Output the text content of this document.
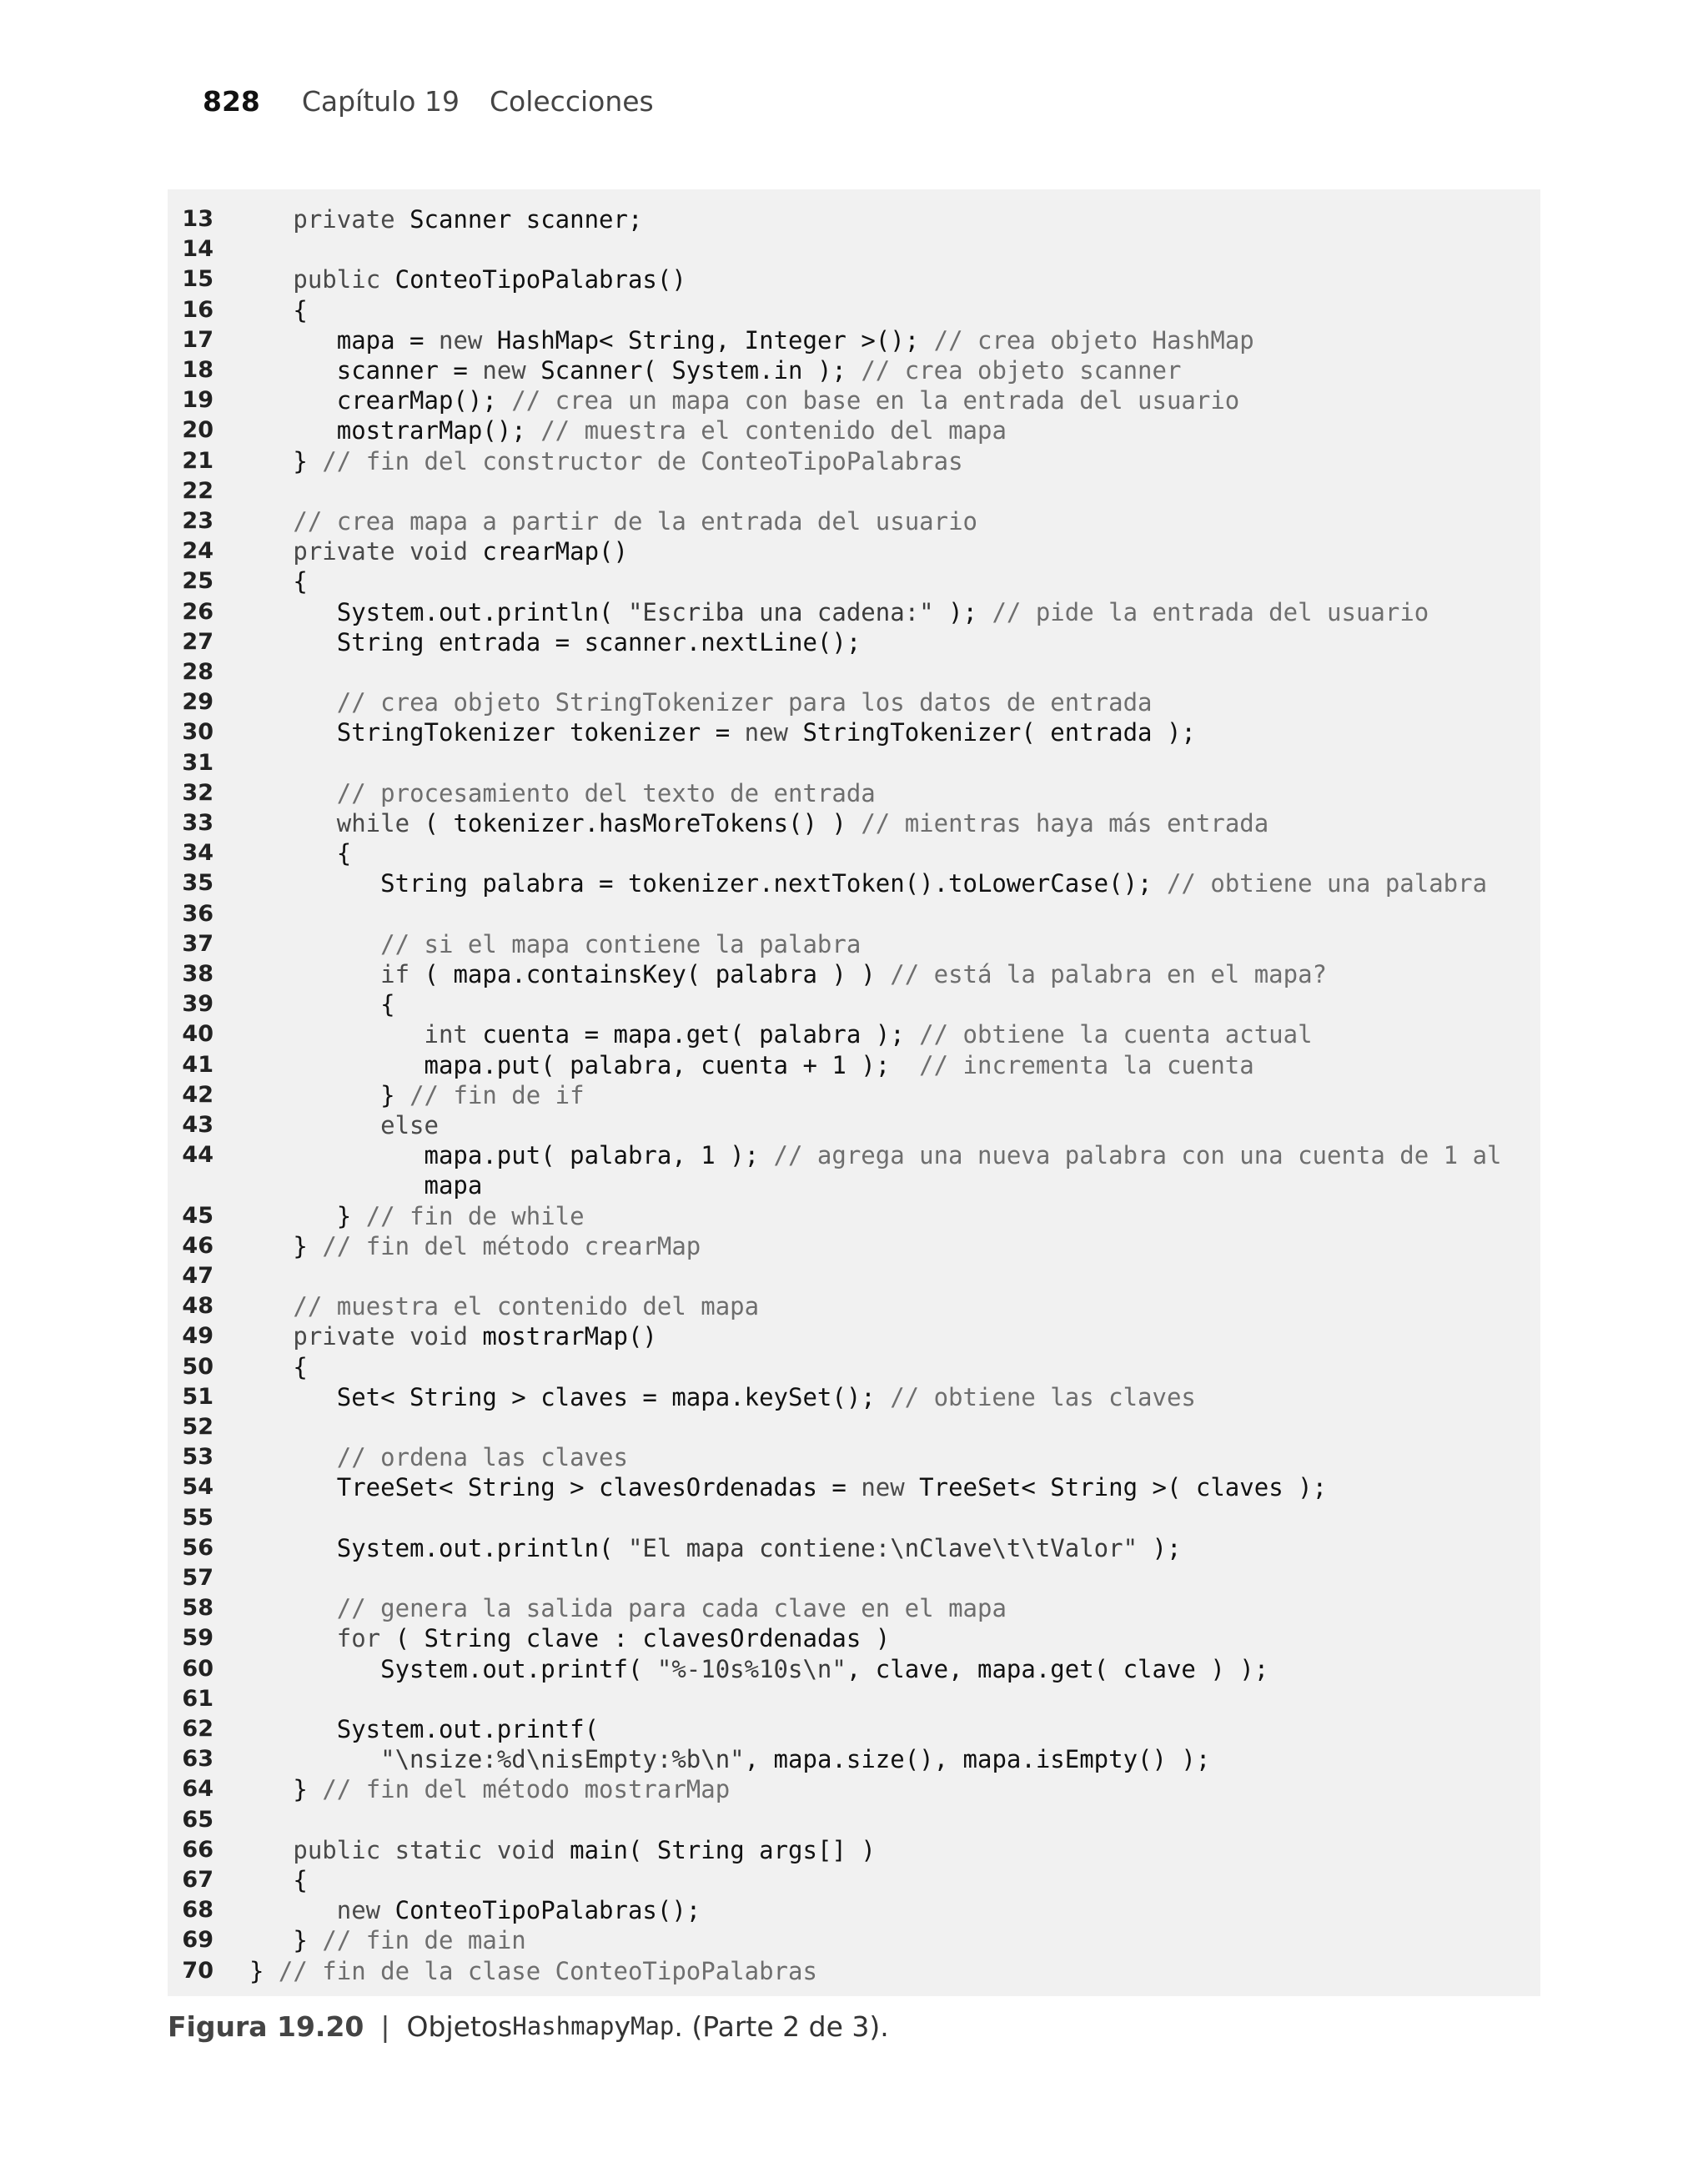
828 Capítulo 19 Colecciones
13	private Scanner scanner;
14
15	public ConteoTipoPalabras()
16 {
17 mapa = new HashMap< String, Integer >(); // crea objeto HashMap
18 scanner = new Scanner( System.in ); // crea objeto scanner
19 crearMap(); // crea un mapa con base en la entrada del usuario
20 mostrarMap(); // muestra el contenido del mapa
21 } // fin del constructor de ConteoTipoPalabras
22
23	// crea mapa a partir de la entrada del usuario
24	private void crearMap()
25 {
26 System.out.println( "Escriba una cadena:" ); // pide la entrada del usuario
27 String entrada = scanner.nextLine();
28
29	// crea objeto StringTokenizer para los datos de entrada
30 StringTokenizer tokenizer = new StringTokenizer( entrada );
31
32	// procesamiento del texto de entrada
33	while ( tokenizer.hasMoreTokens() ) // mientras haya más entrada
34 {
35 String palabra = tokenizer.nextToken().toLowerCase(); // obtiene una palabra
36
37	// si el mapa contiene la palabra
38	if ( mapa.containsKey( palabra ) ) // está la palabra en el mapa?
39 {
40	int cuenta = mapa.get( palabra ); // obtiene la cuenta actual
41 mapa.put( palabra, cuenta + 1 );  // incrementa la cuenta
42 } // fin de if
43	else
44 mapa.put( palabra, 1 ); // agrega una nueva palabra con una cuenta de 1 al
mapa
45 } // fin de while
46 } // fin del método crearMap
47
48	// muestra el contenido del mapa
49	private void mostrarMap()
50 {
51 Set< String > claves = mapa.keySet(); // obtiene las claves
52
53	// ordena las claves
54 TreeSet< String > clavesOrdenadas = new TreeSet< String >( claves );
55
56 System.out.println( "El mapa contiene:\nClave\t\tValor" );
57
58	// genera la salida para cada clave en el mapa
59	for ( String clave : clavesOrdenadas )
60 System.out.printf( "%-10s%10s\n", clave, mapa.get( clave ) );
61
62 System.out.printf(
63	"\nsize:%d\nisEmpty:%b\n", mapa.size(), mapa.isEmpty() );
64 } // fin del método mostrarMap
65
66	public static void main( String args[] )
67 {
68	new ConteoTipoPalabras();
69 } // fin de main
70 } // fin de la clase ConteoTipoPalabras
Figura 19.20 | Objetos Hashmap y Map . (Parte 2 de 3).
